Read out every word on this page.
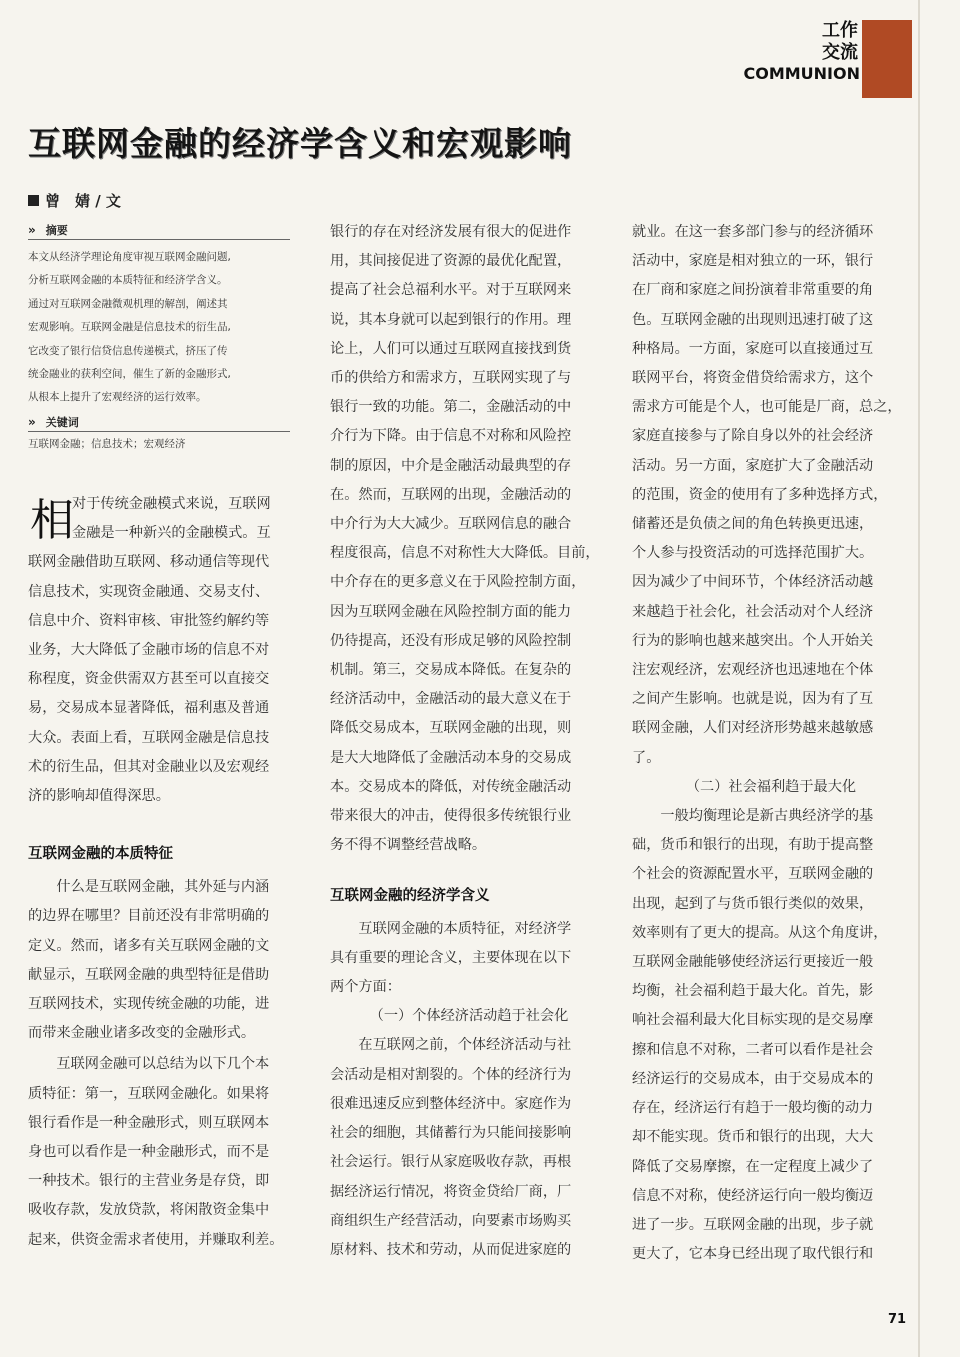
工作
交流
COMMUNION
互联网金融的经济学含义和宏观影响
曾　婧 / 文
» 摘要
本文从经济学理论角度审视互联网金融问题,
分析互联网金融的本质特征和经济学含义。
通过对互联网金融微观机理的解剖，阐述其
宏观影响。互联网金融是信息技术的衍生品,
它改变了银行信贷信息传递模式，挤压了传
统金融业的获利空间，催生了新的金融形式,
从根本上提升了宏观经济的运行效率。
» 关键词
互联网金融；信息技术；宏观经济
相

对于传统金融模式来说，互联网

金融是一种新兴的金融模式。互

联网金融借助互联网、移动通信等现代

信息技术，实现资金融通、交易支付、

信息中介、资料审核、审批签约解约等

业务，大大降低了金融市场的信息不对

称程度，资金供需双方甚至可以直接交

易，交易成本显著降低，福利惠及普通

大众。表面上看，互联网金融是信息技

术的衍生品，但其对金融业以及宏观经

济的影响却值得深思。

互联网金融的本质特征

什么是互联网金融，其外延与内涵

的边界在哪里？目前还没有非常明确的

定义。然而，诸多有关互联网金融的文

献显示，互联网金融的典型特征是借助

互联网技术，实现传统金融的功能，进

而带来金融业诸多改变的金融形式。

互联网金融可以总结为以下几个本

质特征：第一，互联网金融化。如果将

银行看作是一种金融形式，则互联网本

身也可以看作是一种金融形式，而不是

一种技术。银行的主营业务是存贷，即

吸收存款，发放贷款，将闲散资金集中

起来，供资金需求者使用，并赚取利差。

银行的存在对经济发展有很大的促进作

用，其间接促进了资源的最优化配置，

提高了社会总福利水平。对于互联网来

说，其本身就可以起到银行的作用。理

论上，人们可以通过互联网直接找到货

币的供给方和需求方，互联网实现了与

银行一致的功能。第二，金融活动的中

介行为下降。由于信息不对称和风险控

制的原因，中介是金融活动最典型的存

在。然而，互联网的出现，金融活动的

中介行为大大减少。互联网信息的融合

程度很高，信息不对称性大大降低。目前，

中介存在的更多意义在于风险控制方面，

因为互联网金融在风险控制方面的能力

仍待提高，还没有形成足够的风险控制

机制。第三，交易成本降低。在复杂的

经济活动中，金融活动的最大意义在于

降低交易成本，互联网金融的出现，则

是大大地降低了金融活动本身的交易成

本。交易成本的降低，对传统金融活动

带来很大的冲击，使得很多传统银行业

务不得不调整经营战略。

互联网金融的经济学含义

互联网金融的本质特征，对经济学

具有重要的理论含义，主要体现在以下

两个方面：

（一）个体经济活动趋于社会化

在互联网之前，个体经济活动与社

会活动是相对割裂的。个体的经济行为

很难迅速反应到整体经济中。家庭作为

社会的细胞，其储蓄行为只能间接影响

社会运行。银行从家庭吸收存款，再根

据经济运行情况，将资金贷给厂商，厂

商组织生产经营活动，向要素市场购买

原材料、技术和劳动，从而促进家庭的

就业。在这一套多部门参与的经济循环

活动中，家庭是相对独立的一环，银行

在厂商和家庭之间扮演着非常重要的角

色。互联网金融的出现则迅速打破了这

种格局。一方面，家庭可以直接通过互

联网平台，将资金借贷给需求方，这个

需求方可能是个人，也可能是厂商，总之，

家庭直接参与了除自身以外的社会经济

活动。另一方面，家庭扩大了金融活动

的范围，资金的使用有了多种选择方式，

储蓄还是负债之间的角色转换更迅速，

个人参与投资活动的可选择范围扩大。

因为减少了中间环节，个体经济活动越

来越趋于社会化，社会活动对个人经济

行为的影响也越来越突出。个人开始关

注宏观经济，宏观经济也迅速地在个体

之间产生影响。也就是说，因为有了互

联网金融，人们对经济形势越来越敏感

了。

（二）社会福利趋于最大化

一般均衡理论是新古典经济学的基

础，货币和银行的出现，有助于提高整

个社会的资源配置水平，互联网金融的

出现，起到了与货币银行类似的效果，

效率则有了更大的提高。从这个角度讲，

互联网金融能够使经济运行更接近一般

均衡，社会福利趋于最大化。首先，影

响社会福利最大化目标实现的是交易摩

擦和信息不对称，二者可以看作是社会

经济运行的交易成本，由于交易成本的

存在，经济运行有趋于一般均衡的动力

却不能实现。货币和银行的出现，大大

降低了交易摩擦，在一定程度上减少了

信息不对称，使经济运行向一般均衡迈

进了一步。互联网金融的出现，步子就

更大了，它本身已经出现了取代银行和

71
